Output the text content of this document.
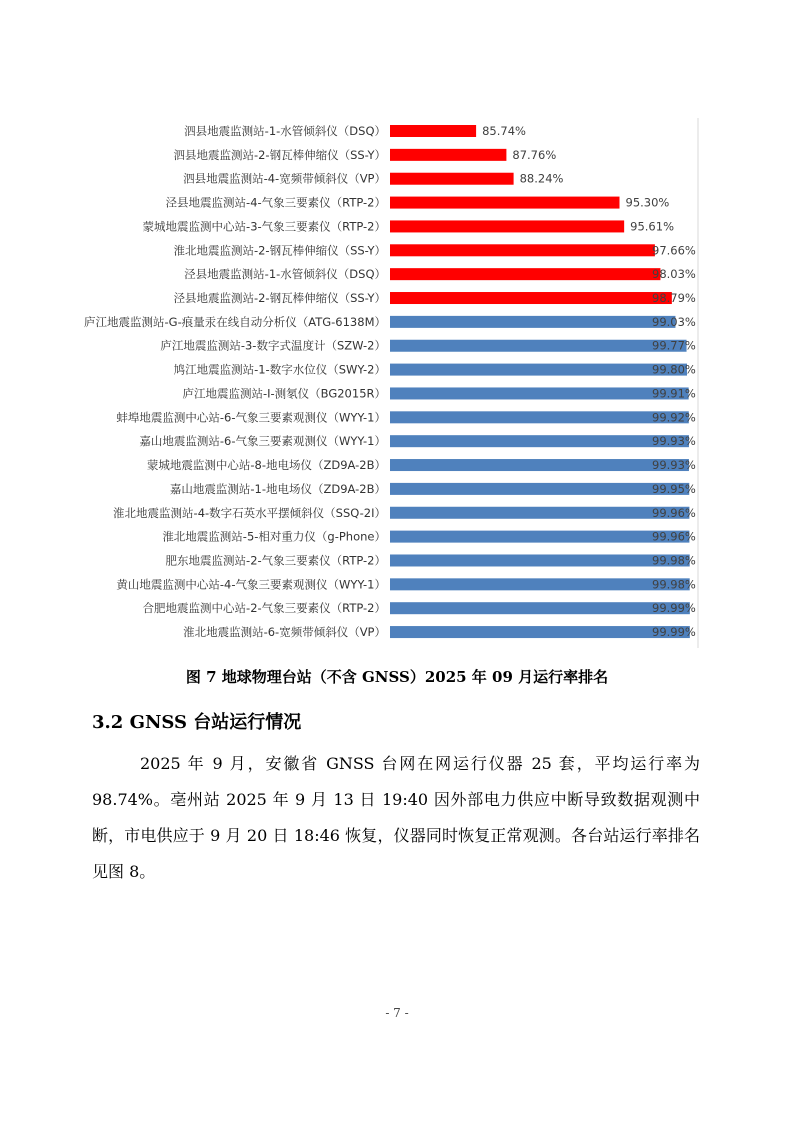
泗县地震监测站-1-水管倾斜仪（DSQ）
泗县地震监测站-2-钢瓦棒伸缩仪（SS-Y）
泗县地震监测站-4-宽频带倾斜仪（VP）
泾县地震监测站-4-气象三要素仪（RTP-2）
蒙城地震监测中心站-3-气象三要素仪（RTP-2）
淮北地震监测站-2-钢瓦棒伸缩仪（SS-Y）
泾县地震监测站-1-水管倾斜仪（DSQ）
泾县地震监测站-2-钢瓦棒伸缩仪（SS-Y）
庐江地震监测站-G-痕量汞在线自动分析仪（ATG-6138M）
庐江地震监测站-3-数字式温度计（SZW-2）
鸠江地震监测站-1-数字水位仪（SWY-2）
庐江地震监测站-I-测氡仪（BG2015R）
蚌埠地震监测中心站-6-气象三要素观测仪（WYY-1）
嘉山地震监测站-6-气象三要素观测仪（WYY-1）
蒙城地震监测中心站-8-地电场仪（ZD9A-2B）
嘉山地震监测站-1-地电场仪（ZD9A-2B）
淮北地震监测站-4-数字石英水平摆倾斜仪（SSQ-2I）
淮北地震监测站-5-相对重力仪（g-Phone）
肥东地震监测站-2-气象三要素仪（RTP-2）
黄山地震监测中心站-4-气象三要素观测仪（WYY-1）
合肥地震监测中心站-2-气象三要素仪（RTP-2）
淮北地震监测站-6-宽频带倾斜仪（VP）
85.74%
87.76%
88.24%
95.30%
95.61%
97.66%
98.03%
98.79%
99.03%
99.77%
99.80%
99.91%
99.92%
99.93%
99.93%
99.95%
99.96%
99.96%
99.98%
99.98%
99.99%
99.99%
图 7 地球物理台站（不含 GNSS）2025 年 09 月运行率排名
3.2 GNSS 台站运行情况

2025 年 9 月，安徽省 GNSS 台网在网运行仪器 25 套，平均运行率为 98.74%。亳州站 2025 年 9 月 13 日 19:40 因外部电力供应中断导致数据观测中断，市电供应于 9 月 20 日 18:46 恢复，仪器同时恢复正常观测。各台站运行率排名见图 8。

- 7 -
